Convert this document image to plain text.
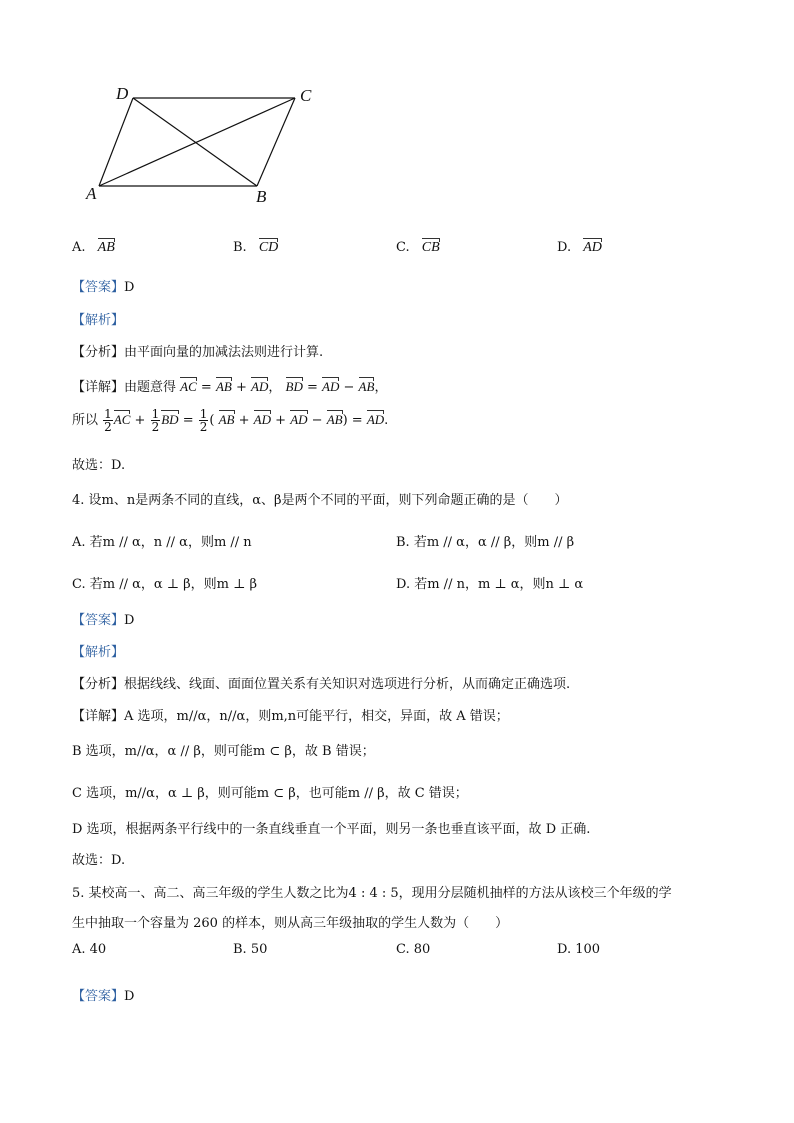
D	C
A	B
A. AB	B. CD	C. CB	D. AD
【答案】D
【解析】
【分析】由平面向量的加减法法则进行计算.
【详解】由题意得 AC = AB + AD， BD = AD − AB，
所以 $\frac{1}{2}$ AC + $\frac{1}{2}$ BD = $\frac{1}{2}$ ( AB + AD + AD − AB) = AD.
故选：D.
4. 设m、n是两条不同的直线，α、β是两个不同的平面，则下列命题正确的是（　　）
A. 若m // α，n // α，则m // n	B. 若m // α，α // β，则m // β
C. 若m // α，α ⊥ β，则m ⊥ β	D. 若m // n，m ⊥ α，则n ⊥ α
【答案】D
【解析】
【分析】根据线线、线面、面面位置关系有关知识对选项进行分析，从而确定正确选项.
【详解】A 选项，m//α，n//α，则m,n可能平行，相交，异面，故 A 错误；
B 选项，m//α，α // β，则可能m ⊂ β，故 B 错误；
C 选项，m//α，α ⊥ β，则可能m ⊂ β，也可能m // β，故 C 错误；
D 选项，根据两条平行线中的一条直线垂直一个平面，则另一条也垂直该平面，故 D 正确.
故选：D.
5. 某校高一、高二、高三年级的学生人数之比为4 : 4 : 5，现用分层随机抽样的方法从该校三个年级的学
生中抽取一个容量为 260 的样本，则从高三年级抽取的学生人数为（　　）
A. 40	B. 50	C. 80	D. 100
【答案】D
